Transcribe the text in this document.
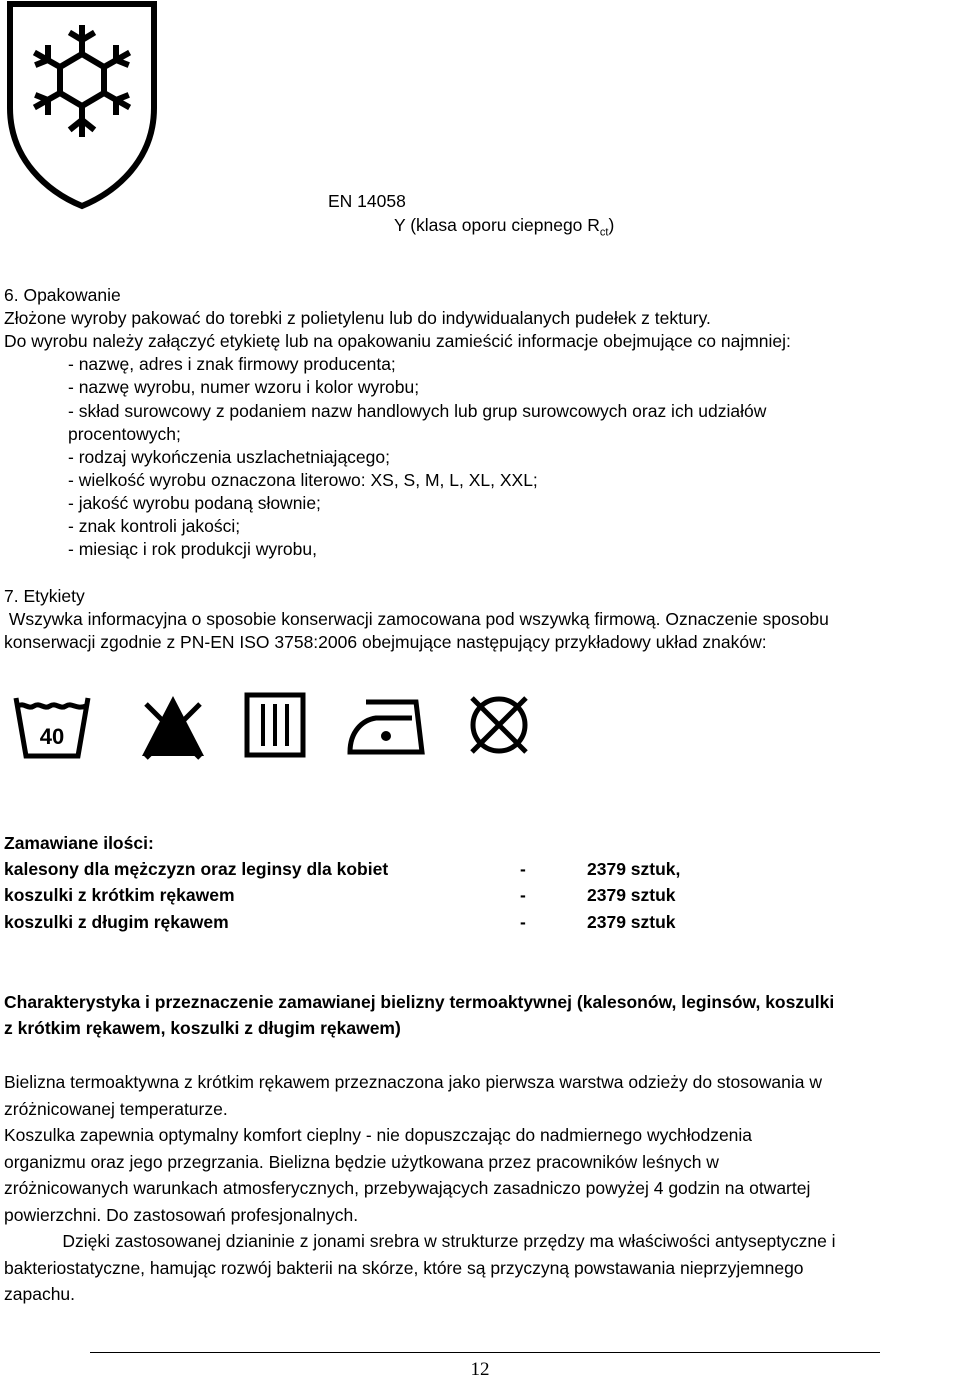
EN 14058
Y (klasa oporu ciepnego $R_{ct}$)
6. Opakowanie
Złożone wyroby pakować do torebki z polietylenu lub do indywidualanych pudełek z tektury.
Do wyrobu należy załączyć etykietę lub na opakowaniu zamieścić informacje obejmujące co najmniej:
- nazwę, adres i znak firmowy producenta;
- nazwę wyrobu, numer wzoru i kolor wyrobu;
- skład surowcowy z podaniem nazw handlowych lub grup surowcowych oraz ich udziałów
procentowych;
- rodzaj wykończenia uszlachetniającego;
- wielkość wyrobu oznaczona literowo: XS, S, M, L, XL, XXL;
- jakość wyrobu podaną słownie;
- znak kontroli jakości;
- miesiąc i rok produkcji wyrobu,
7. Etykiety
Wszywka informacyjna o sposobie konserwacji zamocowana pod wszywką firmową. Oznaczenie sposobu
konserwacji zgodnie z PN-EN ISO 3758:2006 obejmujące następujący przykładowy układ znaków:
40
Zamawiane ilości:
kalesony dla mężczyzn oraz leginsy dla kobiet	-	2379 sztuk,
koszulki z krótkim rękawem	-	2379 sztuk
koszulki z długim rękawem	-	2379 sztuk
Charakterystyka i przeznaczenie zamawianej bielizny termoaktywnej (kalesonów, leginsów, koszulki
z krótkim rękawem, koszulki z długim rękawem)
Bielizna termoaktywna z krótkim rękawem przeznaczona jako pierwsza warstwa odzieży do stosowania w
zróżnicowanej temperaturze.
Koszulka zapewnia optymalny komfort cieplny - nie dopuszczając do nadmiernego wychłodzenia
organizmu oraz jego przegrzania. Bielizna będzie użytkowana przez pracowników leśnych w
zróżnicowanych warunkach atmosferycznych, przebywających zasadniczo powyżej 4 godzin na otwartej
powierzchni. Do zastosowań profesjonalnych.
Dzięki zastosowanej dzianinie z jonami srebra w strukturze przędzy ma właściwości antyseptyczne i
bakteriostatyczne, hamując rozwój bakterii na skórze, które są przyczyną powstawania nieprzyjemnego
zapachu.
12
